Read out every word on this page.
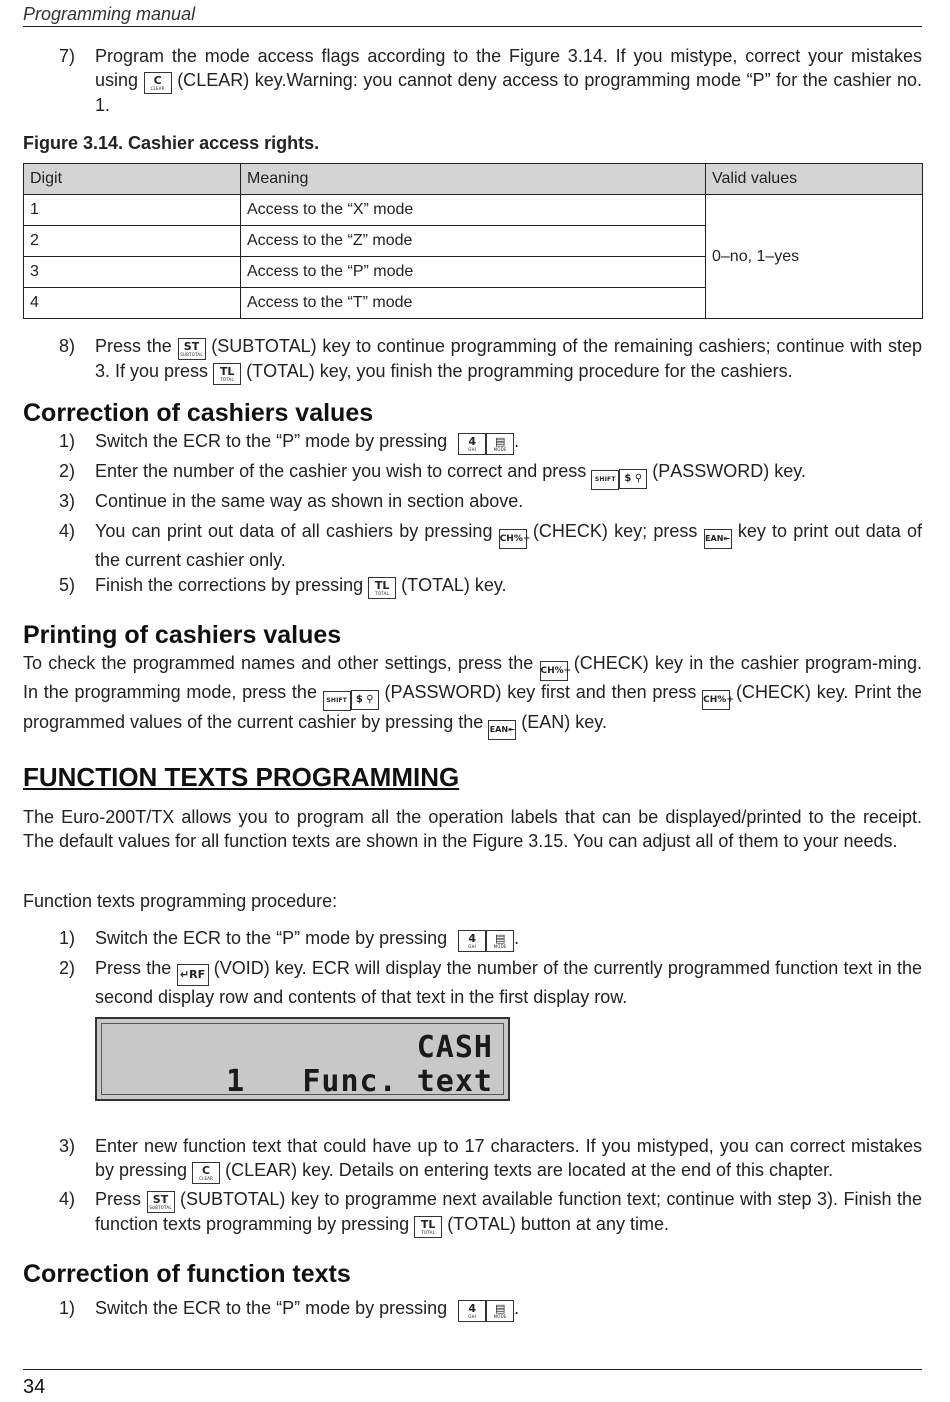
Programming manual
7) Program the mode access flags according to the Figure 3.14. If you mistype, correct your mistakes using	C
CLEAR (CLEAR) key.Warning: you cannot deny access to programming mode “P” for the cashier no. 1.
Figure 3.14. Cashier access rights.
Digit	Meaning	Valid values
1	Access to the “X” mode	0–no, 1–yes
2	Access to the “Z” mode	
3	Access to the “P” mode	
4	Access to the “T” mode	
8) Press the	ST
SUBTOTAL (SUBTOTAL) key to continue programming of the remaining cashiers; continue with step 3. If you press	TL
TOTAL (TOTAL) key, you finish the programming procedure for the cashiers.
Correction of cashiers values
1) Switch the ECR to the “P” mode by pressing	4
GHI
▤
MODE .
2) Enter the number of the cashier you wish to correct and press	SHIFT $ ⚲ (PASSWORD) key.
3) Continue in the same way as shown in section above.
4) You can print out data of all cashiers by pressing CH%+ (CHECK) key; press EAN⇤ key to print out data of the current cashier only.
5) Finish the corrections by pressing	TL
TOTAL (TOTAL) key.
Printing of cashiers values
To check the programmed names and other settings, press the CH%+ (CHECK) key in the cashier program-ming. In the programming mode, press the	SHIFT $ ⚲ (PASSWORD) key first and then press CH%+ (CHECK) key. Print the programmed values of the current cashier by pressing the EAN⇤ (EAN) key.
FUNCTION TEXTS PROGRAMMING
The Euro-200T/TX allows you to program all the operation labels that can be displayed/printed to the receipt. The default values for all function texts are shown in the Figure 3.15. You can adjust all of them to your needs.
Function texts programming procedure:
1) Switch the ECR to the “P” mode by pressing	4
GHI
▤
MODE .
2) Press the ↵RF (VOID) key. ECR will display the number of the currently programmed function text in the second display row and contents of that text in the first display row.
CASH
1   Func. text
3) Enter new function text that could have up to 17 characters. If you mistyped, you can correct mistakes by pressing	C
CLEAR (CLEAR) key. Details on entering texts are located at the end of this chapter.
4) Press	ST
SUBTOTAL (SUBTOTAL) key to programme next available function text; continue with step 3). Finish the function texts programming by pressing	TL
TOTAL (TOTAL) button at any time.
Correction of function texts
1) Switch the ECR to the “P” mode by pressing	4
GHI
▤
MODE .
34
